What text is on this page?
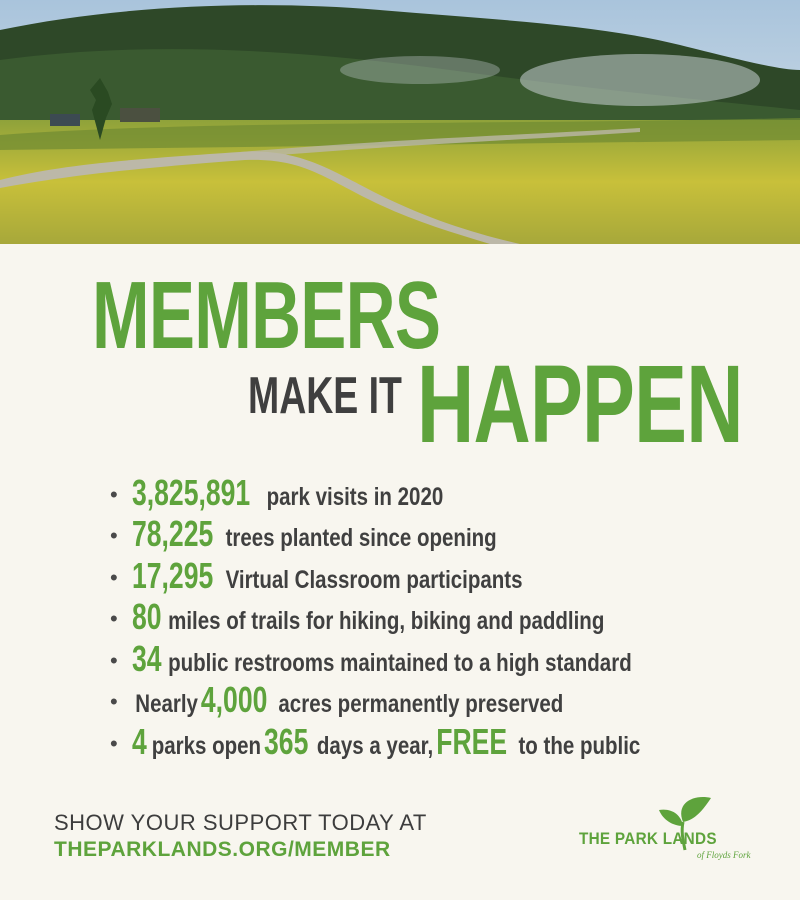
MEMBERS
MAKE IT HAPPEN
• 3,825,891 park visits in 2020
• 78,225 trees planted since opening
• 17,295 Virtual Classroom participants
• 80 miles of trails for hiking, biking and paddling
• 34 public restrooms maintained to a high standard
• Nearly4,000 acres permanently preserved
• 4 parks open365 days a year,FREE to the public
SHOW YOUR SUPPORT TODAY AT
THEPARKLANDS.ORG/MEMBER	THE PARK LANDS
of Floyds Fork
